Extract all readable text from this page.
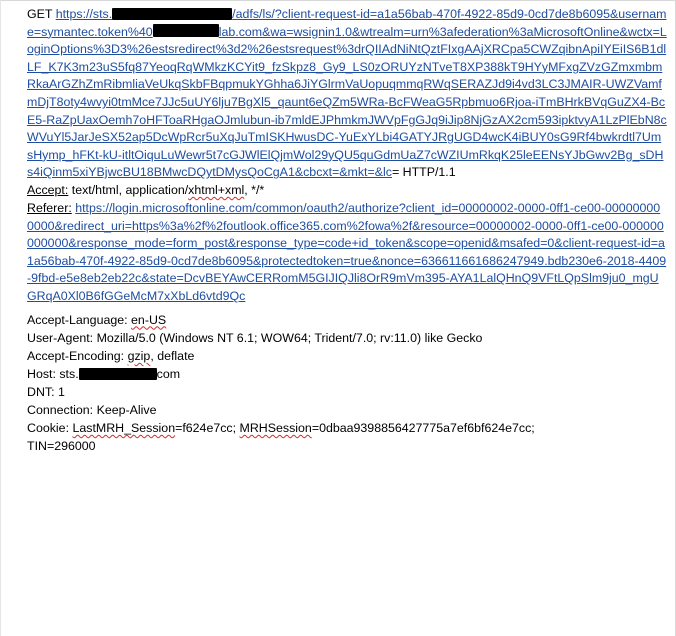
GET https://sts.	/adfs/ls/?client-request-id=a1a56bab-470f-4922-85d9-0cd7de8b6095&username=symantec.token%40	lab.com&wa=wsignin1.0&wtrealm=urn%3afederation%3aMicrosoftOnline&wctx=LoginOptions%3D3%26estsredirect%3d2%26estsrequest%3drQIIAdNiNtQztFIxgAAjXRCpa5CWZqibnApiIYEiIS6B1dlLF_K7K3m23uS5fq87YeoqRqWMkzKCYit9_fzSkpz8_Gy9_LS0zORUYzNTveT8XP388kT9HYyMFxgZVzGZmxmbmRkaArGZhZmRibmliaVeUkqSkbFBqpmukYGhha6JiYGlrmVaUopuqmmqRWqSERAZJd9i4vd3LC3JMAIR-UWZVamfmDjT8oty4wvyi0tmMce7JJc5uUY6lju7BgXl5_qaunt6eQZm5WRa-BcFWeaG5Rpbmuo6Rjoa-iTmBHrkBVqGuZX4-BcE5-RaZpUaxOemh7oHFToaRHgaOJmlubun-ib7mldEJPhmkmJWVpFgGJq9iJip8NjGzAX2cm593ipktvyA1LzPlEbN8cWVuYl5JarJeSX52ap5DcWpRcr5uXqJuTmISKHwusDC-YuExYLbi4GATYJRgUGD4wcK4iBUY0sG9Rf4bwkrdtl7UmsHymp_hFKt-kU-itltOiquLuWewr5t7cGJWlElQjmWol29yQU5quGdmUaZ7cWZIUmRkqK25leEENsYJbGwv2Bg_sDHs4iQinm5xiYBjwcBU18BMwcDQytDMysQoCgA1&cbcxt=&mkt=&lc= HTTP/1.1
Accept: text/html, application/xhtml+xml, */*
Referer: https://login.microsoftonline.com/common/oauth2/authorize?client_id=00000002-0000-0ff1-ce00-000000000000&redirect_uri=https%3a%2f%2foutlook.office365.com%2fowa%2f&resource=00000002-0000-0ff1-ce00-000000000000&response_mode=form_post&response_type=code+id_token&scope=openid&msafed=0&client-request-id=a1a56bab-470f-4922-85d9-0cd7de8b6095&protectedtoken=true&nonce=636611661686247949.bdb230e6-2018-4409-9fbd-e5e8eb2eb22c&state=DcvBEYAwCERRomM5GIJIQJli8OrR9mVm395-AYA1LalQHnQ9VFtLQpSlm9ju0_mgUGRqA0Xl0B6fGGeMcM7xXbLd6vtd9Qc
Accept-Language: en-US
User-Agent: Mozilla/5.0 (Windows NT 6.1; WOW64; Trident/7.0; rv:11.0) like Gecko
Accept-Encoding: gzip, deflate
Host: sts.	com
DNT: 1
Connection: Keep-Alive
Cookie: LastMRH_Session=f624e7cc; MRHSession=0dbaa9398856427775a7ef6bf624e7cc;
TIN=296000
